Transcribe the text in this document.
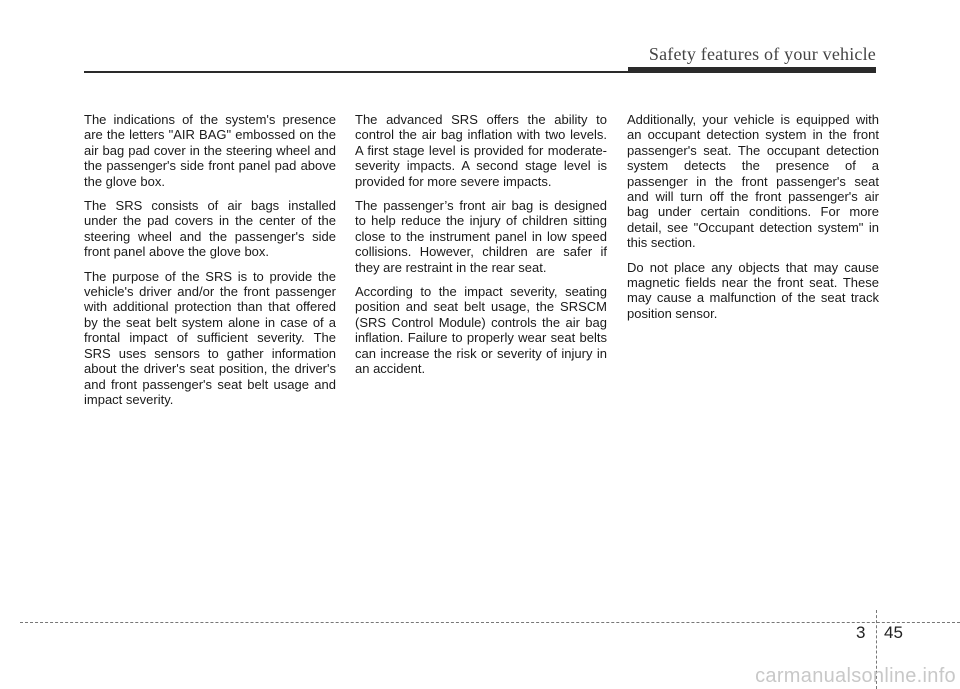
Safety features of your vehicle

The indications of the system's presence are the letters "AIR BAG" embossed on the air bag pad cover in the steering wheel and the passenger's side front panel pad above the glove box.

The SRS consists of air bags installed under the pad covers in the center of the steering wheel and the passenger's side front panel above the glove box.

The purpose of the SRS is to provide the vehicle's driver and/or the front passenger with additional protection than that offered by the seat belt system alone in case of a frontal impact of sufficient severity. The SRS uses sensors to gather information about the driver's seat position, the driver's and front passenger's seat belt usage and impact severity.

The advanced SRS offers the ability to control the air bag inflation with two levels. A first stage level is provided for moderate-severity impacts. A second stage level is provided for more severe impacts.

The passenger’s front air bag is designed to help reduce the injury of children sitting close to the instrument panel in low speed collisions. However, children are safer if they are restraint in the rear seat.

According to the impact severity, seating position and seat belt usage, the SRSCM (SRS Control Module) controls the air bag inflation. Failure to properly wear seat belts can increase the risk or severity of injury in an accident.

Additionally, your vehicle is equipped with an occupant detection system in the front passenger's seat. The occupant detection system detects the presence of a passenger in the front passenger's seat and will turn off the front passenger's air bag under certain conditions. For more detail, see "Occupant detection system" in this section.

Do not place any objects that may cause magnetic fields near the front seat. These may cause a malfunction of the seat track position sensor.

3 45
carmanualsonline.info
